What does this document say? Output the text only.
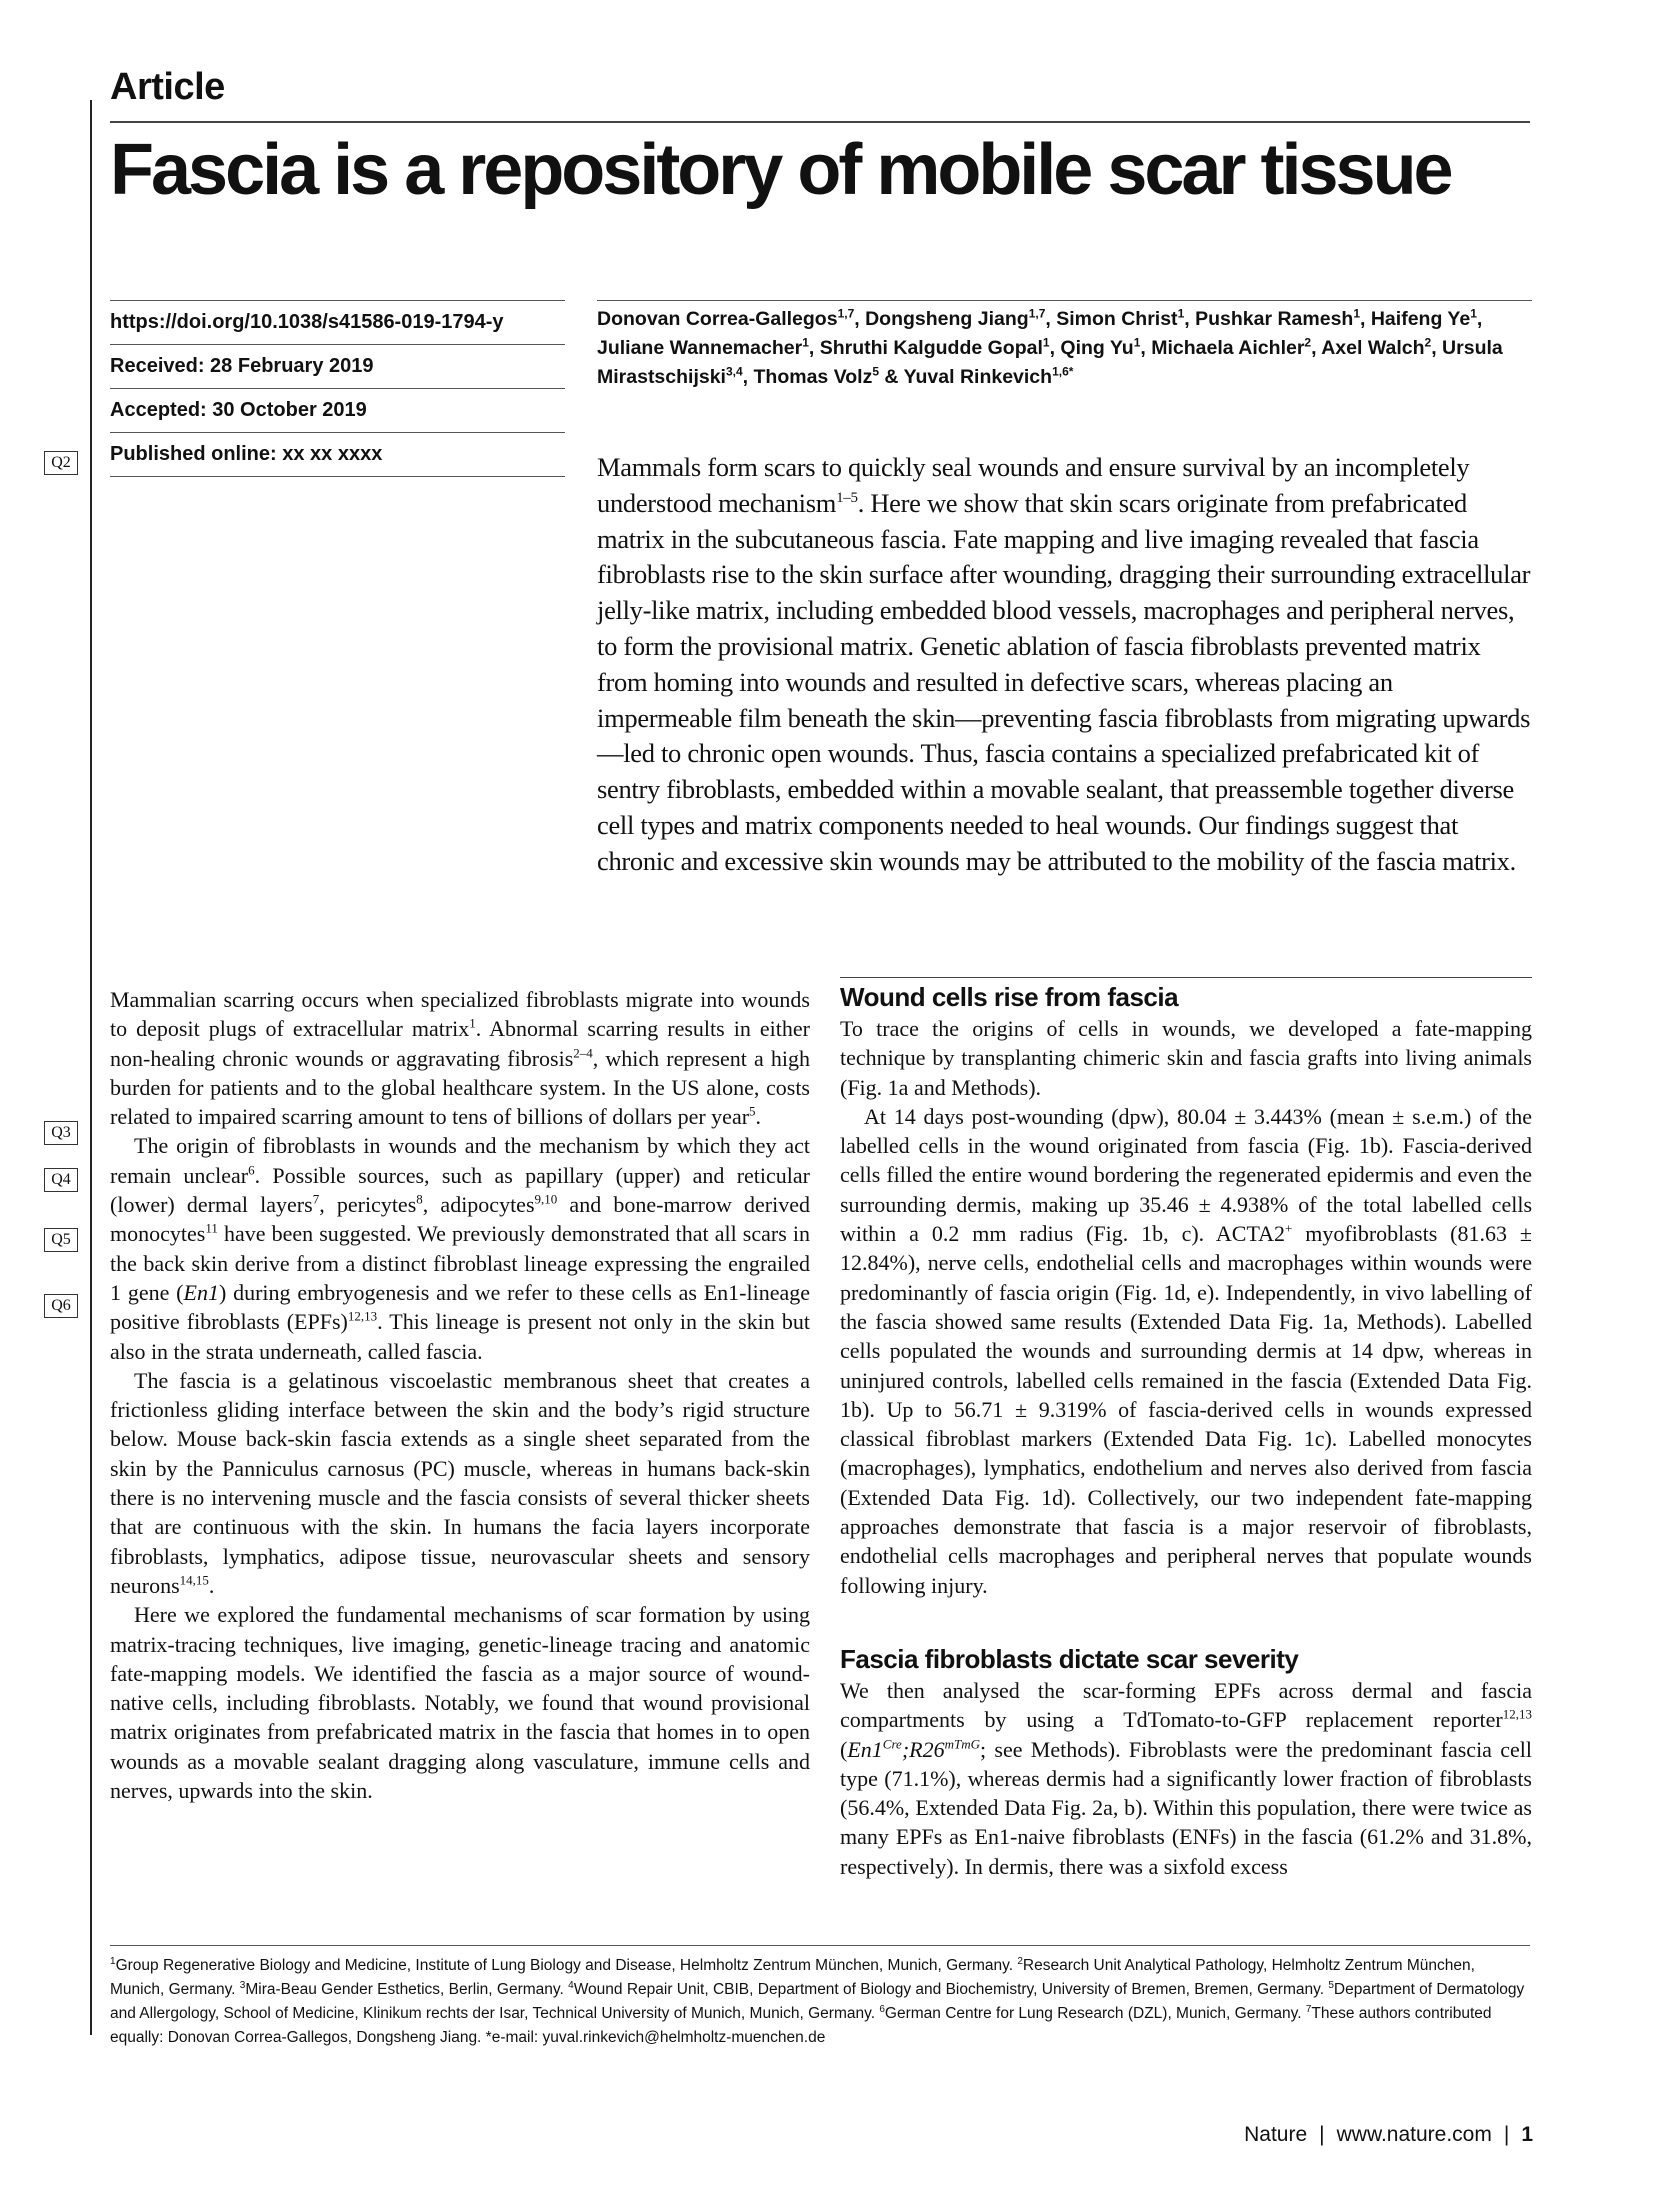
Article
Fascia is a repository of mobile scar tissue
https://doi.org/10.1038/s41586-019-1794-y
Received: 28 February 2019
Accepted: 30 October 2019
Published online: xx xx xxxx
Q2
Q3
Q4
Q5
Q6
Donovan Correa-Gallegos$^{1,7}$, Dongsheng Jiang$^{1,7}$, Simon Christ$^1$, Pushkar Ramesh$^1$, Haifeng Ye$^1$, Juliane Wannemacher$^1$, Shruthi Kalgudde Gopal$^1$, Qing Yu$^1$, Michaela Aichler$^2$, Axel Walch$^2$, Ursula Mirastschijski$^{3,4}$, Thomas Volz$^5$ & Yuval Rinkevich$^{1,6*}$
Mammals form scars to quickly seal wounds and ensure survival by an incompletely understood mechanism$^{1-5}$. Here we show that skin scars originate from prefabricated matrix in the subcutaneous fascia. Fate mapping and live imaging revealed that fascia fibroblasts rise to the skin surface after wounding, dragging their surrounding extracellular jelly-like matrix, including embedded blood vessels, macrophages and peripheral nerves, to form the provisional matrix. Genetic ablation of fascia fibroblasts prevented matrix from homing into wounds and resulted in defective scars, whereas placing an impermeable film beneath the skin—preventing fascia fibroblasts from migrating upwards—led to chronic open wounds. Thus, fascia contains a specialized prefabricated kit of sentry fibroblasts, embedded within a movable sealant, that preassemble together diverse cell types and matrix components needed to heal wounds. Our findings suggest that chronic and excessive skin wounds may be attributed to the mobility of the fascia matrix.

Mammalian scarring occurs when specialized fibroblasts migrate into wounds to deposit plugs of extracellular matrix$^1$. Abnormal scarring results in either non-healing chronic wounds or aggravating fibrosis$^{2-4}$, which represent a high burden for patients and to the global healthcare system. In the US alone, costs related to impaired scarring amount to tens of billions of dollars per year$^5$.

The origin of fibroblasts in wounds and the mechanism by which they act remain unclear$^6$. Possible sources, such as papillary (upper) and reticular (lower) dermal layers$^7$, pericytes$^8$, adipocytes$^{9,10}$ and bone-marrow derived monocytes$^{11}$ have been suggested. We previously demonstrated that all scars in the back skin derive from a distinct fibroblast lineage expressing the engrailed 1 gene (En1) during embryogenesis and we refer to these cells as En1-lineage positive fibroblasts (EPFs)$^{12,13}$. This lineage is present not only in the skin but also in the strata underneath, called fascia.

The fascia is a gelatinous viscoelastic membranous sheet that creates a frictionless gliding interface between the skin and the body’s rigid structure below. Mouse back-skin fascia extends as a single sheet separated from the skin by the Panniculus carnosus (PC) muscle, whereas in humans back-skin there is no intervening muscle and the fascia consists of several thicker sheets that are continuous with the skin. In humans the facia layers incorporate fibroblasts, lymphatics, adipose tissue, neurovascular sheets and sensory neurons$^{14,15}$.

Here we explored the fundamental mechanisms of scar formation by using matrix-tracing techniques, live imaging, genetic-lineage tracing and anatomic fate-mapping models. We identified the fascia as a major source of wound-native cells, including fibroblasts. Notably, we found that wound provisional matrix originates from prefabricated matrix in the fascia that homes in to open wounds as a movable sealant dragging along vasculature, immune cells and nerves, upwards into the skin.

Wound cells rise from fascia

To trace the origins of cells in wounds, we developed a fate-mapping technique by transplanting chimeric skin and fascia grafts into living animals (Fig. 1a and Methods).

At 14 days post-wounding (dpw), 80.04 ± 3.443% (mean ± s.e.m.) of the labelled cells in the wound originated from fascia (Fig. 1b). Fascia-derived cells filled the entire wound bordering the regenerated epidermis and even the surrounding dermis, making up 35.46 ± 4.938% of the total labelled cells within a 0.2 mm radius (Fig. 1b, c). ACTA2+ myofibroblasts (81.63 ± 12.84%), nerve cells, endothelial cells and macrophages within wounds were predominantly of fascia origin (Fig. 1d, e). Independently, in vivo labelling of the fascia showed same results (Extended Data Fig. 1a, Methods). Labelled cells populated the wounds and surrounding dermis at 14 dpw, whereas in uninjured controls, labelled cells remained in the fascia (Extended Data Fig. 1b). Up to 56.71 ± 9.319% of fascia-derived cells in wounds expressed classical fibroblast markers (Extended Data Fig. 1c). Labelled monocytes (macrophages), lymphatics, endothelium and nerves also derived from fascia (Extended Data Fig. 1d). Collectively, our two independent fate-mapping approaches demonstrate that fascia is a major reservoir of fibroblasts, endothelial cells macrophages and peripheral nerves that populate wounds following injury.

Fascia fibroblasts dictate scar severity

We then analysed the scar-forming EPFs across dermal and fascia compartments by using a TdTomato-to-GFP replacement reporter$^{12,13}$ ($En1^{Cre};R26^{mTmG}$; see Methods). Fibroblasts were the predominant fascia cell type (71.1%), whereas dermis had a significantly lower fraction of fibroblasts (56.4%, Extended Data Fig. 2a, b). Within this population, there were twice as many EPFs as En1-naive fibroblasts (ENFs) in the fascia (61.2% and 31.8%, respectively). In dermis, there was a sixfold excess

$^1$Group Regenerative Biology and Medicine, Institute of Lung Biology and Disease, Helmholtz Zentrum München, Munich, Germany. $^2$Research Unit Analytical Pathology, Helmholtz Zentrum München, Munich, Germany. $^3$Mira-Beau Gender Esthetics, Berlin, Germany. $^4$Wound Repair Unit, CBIB, Department of Biology and Biochemistry, University of Bremen, Bremen, Germany. $^5$Department of Dermatology and Allergology, School of Medicine, Klinikum rechts der Isar, Technical University of Munich, Munich, Germany. $^6$German Centre for Lung Research (DZL), Munich, Germany. $^7$These authors contributed equally: Donovan Correa-Gallegos, Dongsheng Jiang. *e-mail: yuval.rinkevich@helmholtz-muenchen.de
Nature | www.nature.com | 1
